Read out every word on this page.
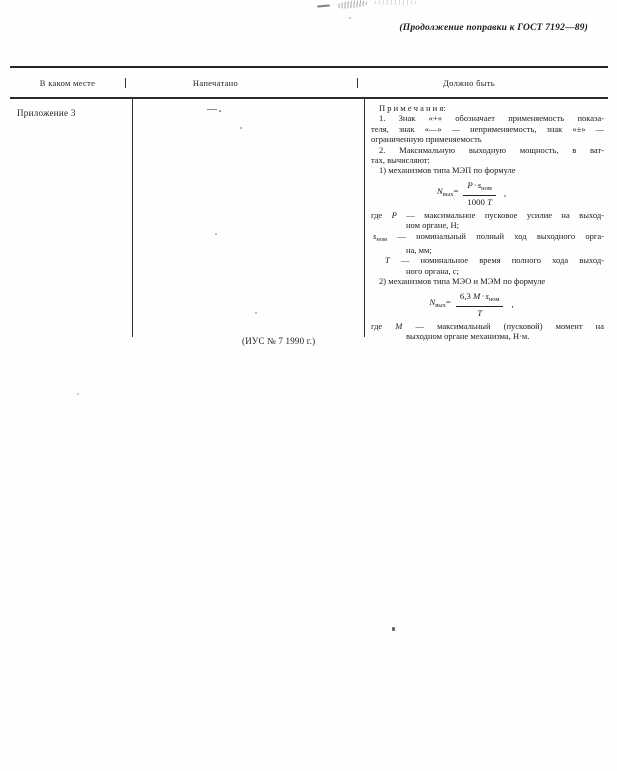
(Продолжение поправки к ГОСТ 7192—89)
В каком месте	Напечатано	Должно быть
Приложение 3	—	П р и м е ч а н и я:
1. Знак «+» обозначает применяемость показа-
теля, знак «—» — неприменяемость, знак «±» —
ограниченную применяемость
2. Максимальную выходную мощность, в ват-
тах, вычисляют:
1) механизмов типа МЭП по формуле
$N_{вых}= \frac{P\cdot s_{ном}}{1000 T}$ ,
где P — максимальное пусковое усилие на выход-
ном органе, Н;
$s_{ном}$ — номинальный полный ход выходного орга-
на, мм;
T — номинальное время полного хода выход-
ного органа, с;
2) механизмов типа МЭО и МЭМ по формуле
$N_{вых}= \frac{6,3 M\cdot s_{ном}}{T}$ ,
где M — максимальный (пусковой) момент на
выходном органе механизма, Н·м.
(ИУС № 7 1990 г.)
